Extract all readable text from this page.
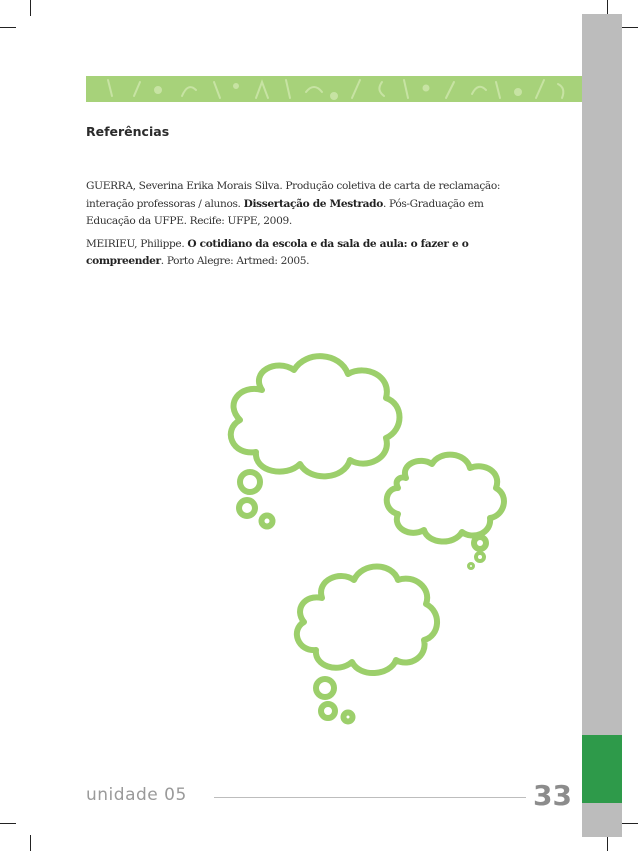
Referências

GUERRA, Severina Erika Morais Silva. Produção coletiva de carta de reclamação: interação professoras / alunos. Dissertação de Mestrado. Pós-Graduação em Educação da UFPE. Recife: UFPE, 2009.

MEIRIEU, Philippe. O cotidiano da escola e da sala de aula: o fazer e o compreender. Porto Alegre: Artmed: 2005.

unidade 05	33
